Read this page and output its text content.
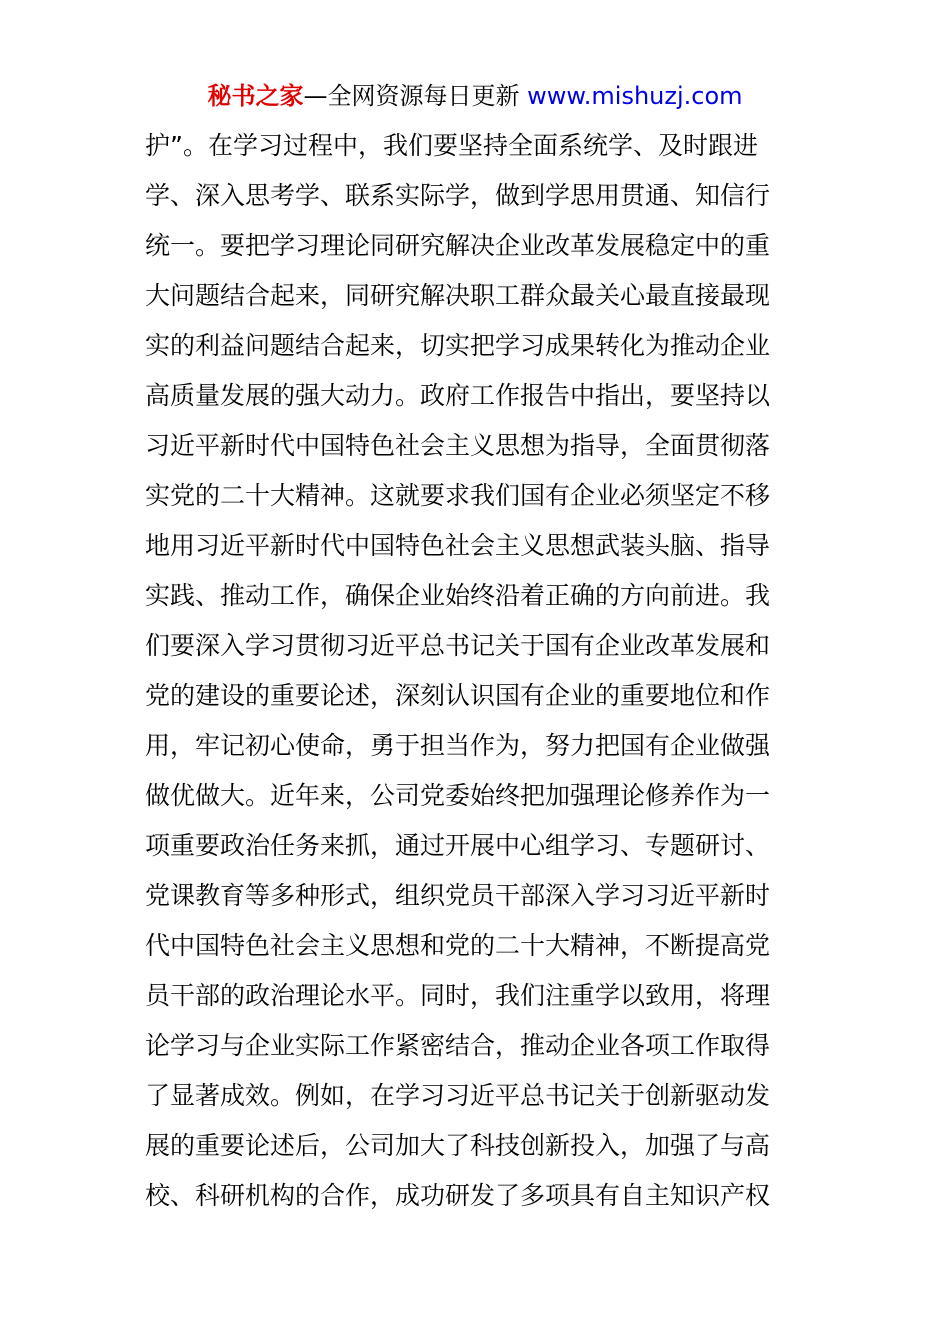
秘书之家—全网资源每日更新 www.mishuzj.com
护”。在学习过程中，我们要坚持全面系统学、及时跟进
学、深入思考学、联系实际学，做到学思用贯通、知信行
统一。要把学习理论同研究解决企业改革发展稳定中的重
大问题结合起来，同研究解决职工群众最关心最直接最现
实的利益问题结合起来，切实把学习成果转化为推动企业
高质量发展的强大动力。政府工作报告中指出，要坚持以
习近平新时代中国特色社会主义思想为指导，全面贯彻落
实党的二十大精神。这就要求我们国有企业必须坚定不移
地用习近平新时代中国特色社会主义思想武装头脑、指导
实践、推动工作，确保企业始终沿着正确的方向前进。我
们要深入学习贯彻习近平总书记关于国有企业改革发展和
党的建设的重要论述，深刻认识国有企业的重要地位和作
用，牢记初心使命，勇于担当作为，努力把国有企业做强
做优做大。近年来，公司党委始终把加强理论修养作为一
项重要政治任务来抓，通过开展中心组学习、专题研讨、
党课教育等多种形式，组织党员干部深入学习习近平新时
代中国特色社会主义思想和党的二十大精神，不断提高党
员干部的政治理论水平。同时，我们注重学以致用，将理
论学习与企业实际工作紧密结合，推动企业各项工作取得
了显著成效。例如，在学习习近平总书记关于创新驱动发
展的重要论述后，公司加大了科技创新投入，加强了与高
校、科研机构的合作，成功研发了多项具有自主知识产权
